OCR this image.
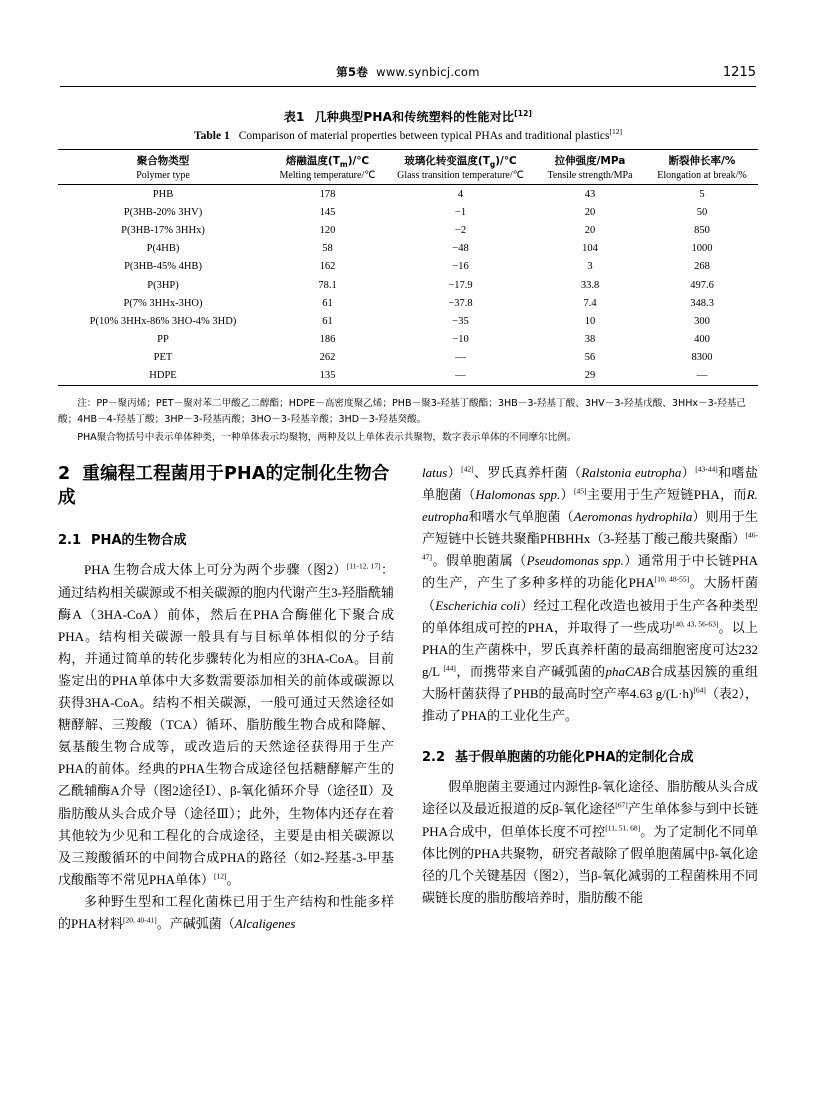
第5卷 www.synbicj.com	1215
表1 几种典型PHA和传统塑料的性能对比[12]
Table 1 Comparison of material properties between typical PHAs and traditional plastics[12]
聚合物类型	熔融温度$(T_m)/℃$	玻璃化转变温度$(T_g)/℃$	拉伸强度/MPa	断裂伸长率/%
Polymer type	Melting temperature/℃	Glass transition temperature/℃	Tensile strength/MPa	Elongation at break/%
PHB	178	4	43	5
P(3HB-20% 3HV)	145	−1	20	50
P(3HB-17% 3HHx)	120	−2	20	850
P(4HB)	58	−48	104	1000
P(3HB-45% 4HB)	162	−16	3	268
P(3HP)	78.1	−17.9	33.8	497.6
P(7% 3HHx-3HO)	61	−37.8	7.4	348.3
P(10% 3HHx-86% 3HO-4% 3HD)	61	−35	10	300
PP	186	−10	38	400
PET	262	—	56	8300
HDPE	135	—	29	—

注：PP－聚丙烯；PET－聚对苯二甲酸乙二醇酯；HDPE－高密度聚乙烯；PHB－聚3-羟基丁酸酯；3HB－3-羟基丁酸、3HV－3-羟基戊酸、3HHx－3-羟基己酸；4HB－4-羟基丁酸；3HP－3-羟基丙酸；3HO－3-羟基辛酸；3HD－3-羟基癸酸。

PHA聚合物括号中表示单体种类，一种单体表示均聚物，两种及以上单体表示共聚物，数字表示单体的不同摩尔比例。

2 重编程工程菌用于PHA的定制化生物合成
2.1 PHA的生物合成

PHA 生物合成大体上可分为两个步骤（图2）[11-12, 17]：通过结构相关碳源或不相关碳源的胞内代谢产生3-羟脂酰辅酶A（3HA-CoA）前体，然后在PHA合酶催化下聚合成PHA。结构相关碳源一般具有与目标单体相似的分子结构，并通过简单的转化步骤转化为相应的3HA-CoA。目前鉴定出的PHA单体中大多数需要添加相关的前体或碳源以获得3HA-CoA。结构不相关碳源，一般可通过天然途径如糖酵解、三羧酸（TCA）循环、脂肪酸生物合成和降解、氨基酸生物合成等，或改造后的天然途径获得用于生产PHA的前体。经典的PHA生物合成途径包括糖酵解产生的乙酰辅酶A介导（图2途径Ⅰ）、β-氧化循环介导（途径Ⅱ）及脂肪酸从头合成介导（途径Ⅲ）；此外，生物体内还存在着其他较为少见和工程化的合成途径，主要是由相关碳源以及三羧酸循环的中间物合成PHA的路径（如2-羟基-3-甲基戊酸酯等不常见PHA单体）[12]。

多种野生型和工程化菌株已用于生产结构和性能多样的PHA材料[20, 40-41]。产碱弧菌（Alcaligenes

latus）[42]、罗氏真养杆菌（Ralstonia eutropha）[43-44]和嗜盐单胞菌（Halomonas spp.）[45]主要用于生产短链PHA，而R. eutropha和嗜水气单胞菌（Aeromonas hydrophila）则用于生产短链中长链共聚酯PHBHHx（3-羟基丁酸己酸共聚酯）[46-47]。假单胞菌属（Pseudomonas spp.）通常用于中长链PHA的生产，产生了多种多样的功能化PHA[10, 48-55]。大肠杆菌（Escherichia coli）经过工程化改造也被用于生产各种类型的单体组成可控的PHA，并取得了一些成功[40, 43, 56-63]。以上PHA的生产菌株中，罗氏真养杆菌的最高细胞密度可达232 g/L [44]，而携带来自产碱弧菌的phaCAB合成基因簇的重组大肠杆菌获得了PHB的最高时空产率4.63 g/(L·h)[64]（表2），推动了PHA的工业化生产。

2.2 基于假单胞菌的功能化PHA的定制化合成

假单胞菌主要通过内源性β-氧化途径、脂肪酸从头合成途径以及最近报道的反β-氧化途径[67]产生单体参与到中长链PHA合成中，但单体长度不可控[11, 51, 68]。为了定制化不同单体比例的PHA共聚物，研究者敲除了假单胞菌属中β-氧化途径的几个关键基因（图2），当β-氧化减弱的工程菌株用不同碳链长度的脂肪酸培养时，脂肪酸不能
